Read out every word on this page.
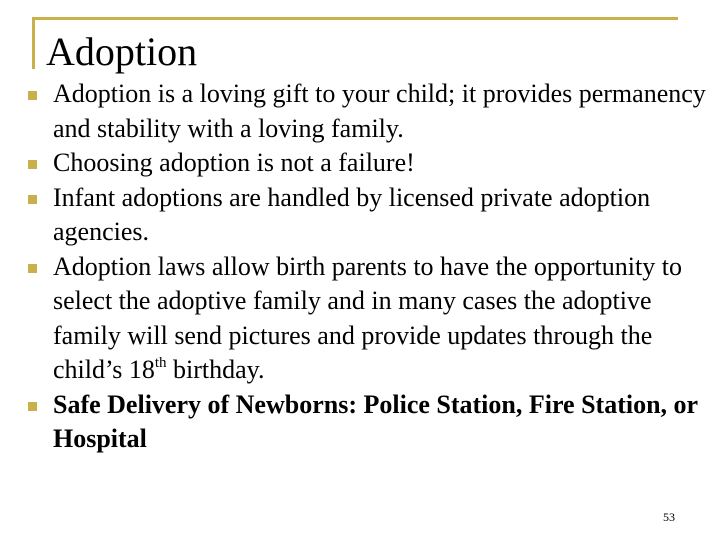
Adoption
Adoption is a loving gift to your child; it provides permanency and stability with a loving family.
Choosing adoption is not a failure!
Infant adoptions are handled by licensed private adoption agencies.
Adoption laws allow birth parents to have the opportunity to select the adoptive family and in many cases the adoptive family will send pictures and provide updates through the child’s 18th birthday.
Safe Delivery of Newborns: Police Station, Fire Station, or Hospital
53
